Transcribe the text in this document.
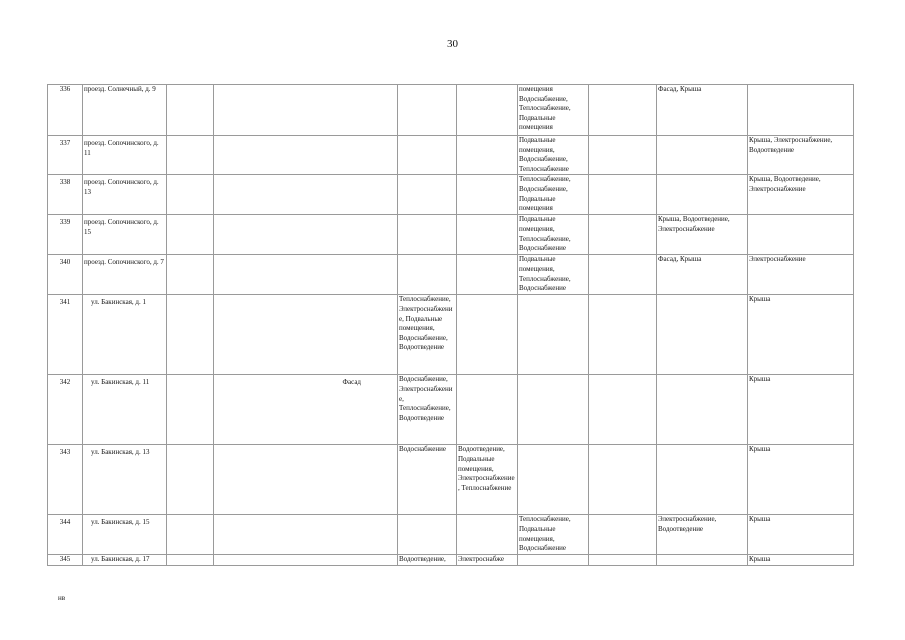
30
336	проезд. Солнечный, д. 9					помещения Водоснабжение, Теплоснабжение, Подвальные помещения		Фасад, Крыша	
337	проезд. Сопочинского, д. 11					Подвальные помещения, Водоснабжение, Теплоснабжение			Крыша, Электроснабжение, Водоотведение
338	проезд. Сопочинского, д. 13					Теплоснабжение, Водоснабжение, Подвальные помещения			Крыша, Водоотведение, Электроснабжение
339	проезд. Сопочинского, д. 15					Подвальные помещения, Теплоснабжение, Водоснабжение		Крыша, Водоотведение, Электроснабжение	
340	проезд. Сопочинского, д. 7					Подвальные помещения, Теплоснабжение, Водоснабжение		Фасад, Крыша	Электроснабжение
341	ул. Бакинская, д. 1			Теплоснабжение,Электроснабжение, Подвальные помещения, Водоснабжение, Водоотведение					Крыша
342	ул. Бакинская, д. 11		Фасад	Водоснабжение, Электроснабжение, Теплоснабжение, Водоотведение					Крыша
343	ул. Бакинская, д. 13			Водоснабжение	Водоотведение, Подвальные помещения, Электроснабжение, Теплоснабжение				Крыша
344	ул. Бакинская, д. 15					Теплоснабжение, Подвальные помещения, Водоснабжение		Электроснабжение, Водоотведение	Крыша
345	ул. Бакинская, д. 17			Водоотведение,	Электроснабже				Крыша
нв
